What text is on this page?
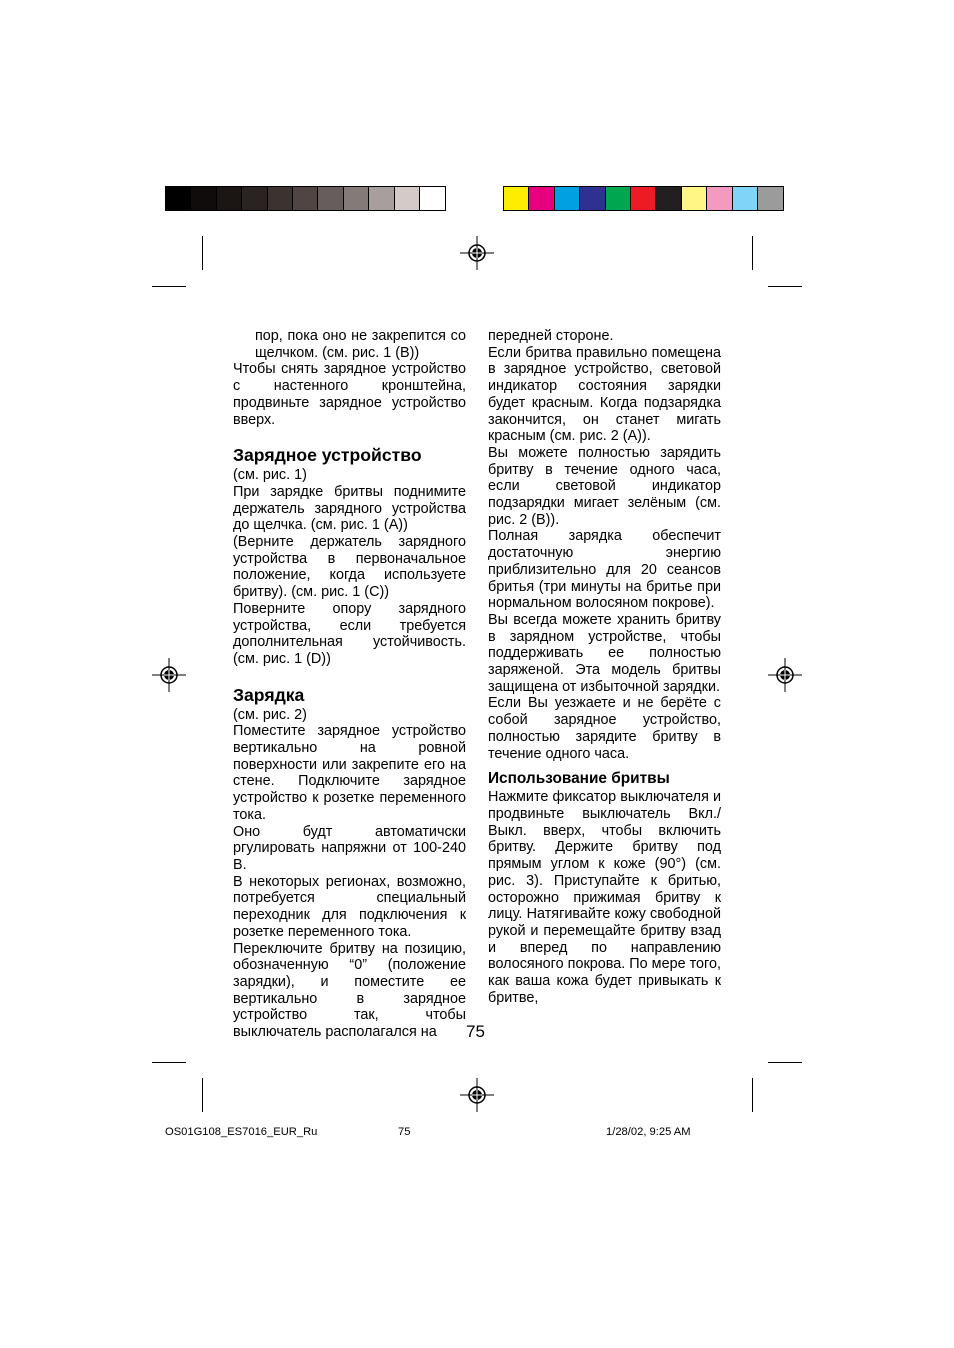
пор, пока оно не закрепится со щелчком. (см. рис. 1 (B))

Чтобы снять зарядное устройство с настенного кронштейна, продвиньте зарядное устройство вверх.

Зарядное устройство

(см. рис. 1)

При зарядке бритвы поднимите держатель зарядного устройства до щелчка. (см. рис. 1 (A))

(Верните держатель зарядного устройства в первоначальное положение, когда используете бритву). (см. рис. 1 (C))

Поверните опору зарядного устройства, если требуется дополнительная устойчивость. (см. рис. 1 (D))

Зарядка

(см. рис. 2)

Поместите зарядное устройство вертикально на ровной поверхности или закрепите его на стене. Подключите зарядное устройство к розетке переменного тока.

Оно будт автоматичски ргулировать напряжни от 100-240 В.

В некоторых регионах, возможно, потребуется специальный переходник для подключения к розетке переменного тока.

Переключите бритву на позицию, обозначенную “0” (положение зарядки), и поместите ее вертикально в зарядное устройство так, чтобы выключатель располагался на

передней стороне.

Если бритва правильно помещена в зарядное устройство, световой индикатор состояния зарядки будет красным. Когда подзарядка закончится, он станет мигать красным (см. рис. 2 (A)).

Вы можете полностью зарядить бритву в течение одного часа, если световой индикатор подзарядки мигает зелёным (см. рис. 2 (B)).

Полная зарядка обеспечит достаточную энергию приблизительно для 20 сеансов бритья (три минуты на бритье при нормальном волосяном покрове).

Вы всегда можете хранить бритву в зарядном устройстве, чтобы поддерживать ее полностью заряженой. Эта модель бритвы защищена от избыточной зарядки.

Если Вы уезжаете и не берёте с собой зарядное устройство, полностью зарядите бритву в течение одного часа.

Использование бритвы

Нажмите фиксатор выключателя и продвиньте выключатель Вкл./Выкл. вверх, чтобы включить бритву. Держите бритву под прямым углом к коже (90°) (см. рис. 3). Приступайте к бритью, осторожно прижимая бритву к лицу. Натягивайте кожу свободной рукой и перемещайте бритву взад и вперед по направлению волосяного покрова. По мере того, как ваша кожа будет привыкать к бритве,

75
OS01G108_ES7016_EUR_Ru	75	1/28/02, 9:25 AM
